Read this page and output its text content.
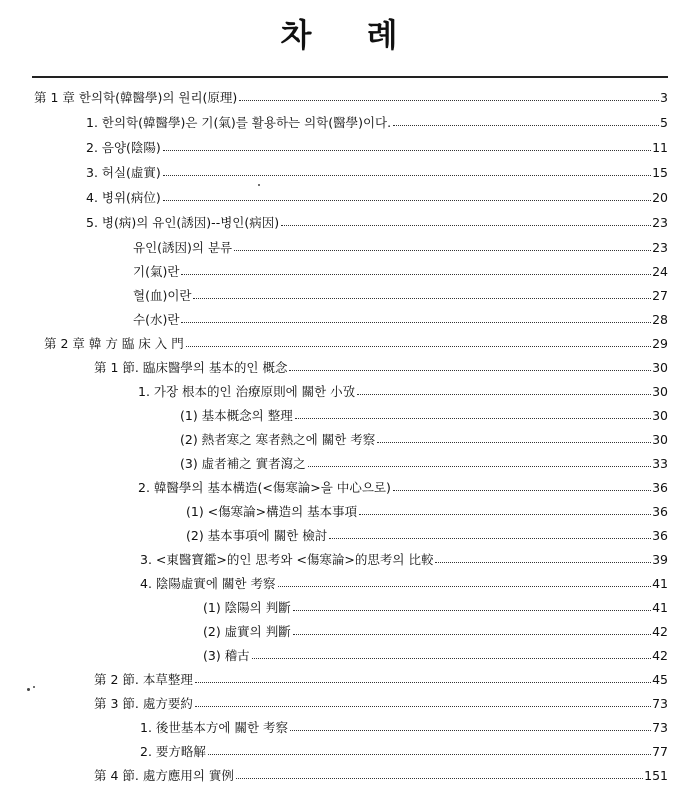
차 례
第 1 章 한의학(韓醫學)의 원리(原理)	3
1. 한의학(韓醫學)은 기(氣)를 활용하는 의학(醫學)이다.	5
2. 음양(陰陽)	11
3. 허실(虛實)	15
4. 병위(病位)	20
5. 병(病)의 유인(誘因)--병인(病因)	23
유인(誘因)의 분류	23
기(氣)란	24
혈(血)이란	27
수(水)란	28
第 2 章 韓 方 臨 床 入 門	29
第 1 節. 臨床醫學의 基本的인 概念	30
1. 가장 根本的인 治療原則에 關한 小攷	30
(1) 基本概念의 整理	30
(2) 熱者寒之 寒者熱之에 關한 考察	30
(3) 虛者補之 實者瀉之	33
2. 韓醫學의 基本構造(<傷寒論>을 中心으로)	36
(1) <傷寒論>構造의 基本事項	36
(2) 基本事項에 關한 檢討	36
3. <東醫寶鑑>的인 思考와 <傷寒論>的思考의 比較	39
4. 陰陽虛實에 關한 考察	41
(1) 陰陽의 判斷	41
(2) 虛實의 判斷	42
(3) 稽古	42
第 2 節. 本草整理	45
第 3 節. 處方要約	73
1. 後世基本方에 關한 考察	73
2. 要方略解	77
第 4 節. 處方應用의 實例	151
